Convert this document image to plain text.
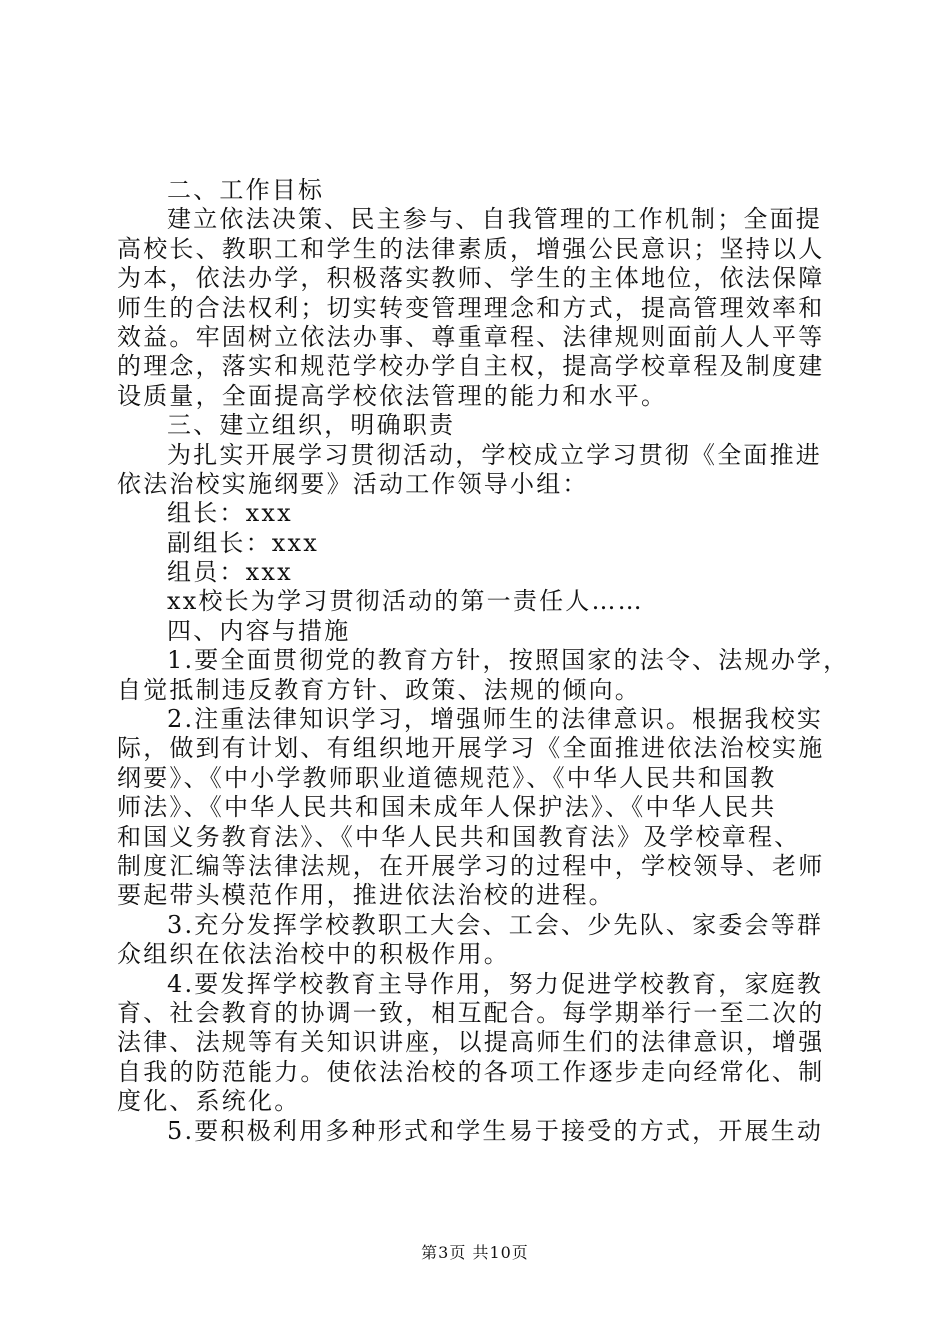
二、工作目标
建立依法决策、民主参与、自我管理的工作机制；全面提
高校长、教职工和学生的法律素质，增强公民意识；坚持以人
为本，依法办学，积极落实教师、学生的主体地位，依法保障
师生的合法权利；切实转变管理理念和方式，提高管理效率和
效益。牢固树立依法办事、尊重章程、法律规则面前人人平等
的理念，落实和规范学校办学自主权，提高学校章程及制度建
设质量，全面提高学校依法管理的能力和水平。
三、建立组织，明确职责
为扎实开展学习贯彻活动，学校成立学习贯彻《全面推进
依法治校实施纲要》活动工作领导小组：
组长：xxx
副组长：xxx
组员：xxx
xx校长为学习贯彻活动的第一责任人……
四、内容与措施
1.要全面贯彻党的教育方针，按照国家的法令、法规办学，
自觉抵制违反教育方针、政策、法规的倾向。
2.注重法律知识学习，增强师生的法律意识。根据我校实
际，做到有计划、有组织地开展学习《全面推进依法治校实施
纲要》、《中小学教师职业道德规范》、《中华人民共和国教
师法》、《中华人民共和国未成年人保护法》、《中华人民共
和国义务教育法》、《中华人民共和国教育法》及学校章程、
制度汇编等法律法规，在开展学习的过程中，学校领导、老师
要起带头模范作用，推进依法治校的进程。
3.充分发挥学校教职工大会、工会、少先队、家委会等群
众组织在依法治校中的积极作用。
4.要发挥学校教育主导作用，努力促进学校教育，家庭教
育、社会教育的协调一致，相互配合。每学期举行一至二次的
法律、法规等有关知识讲座，以提高师生们的法律意识，增强
自我的防范能力。使依法治校的各项工作逐步走向经常化、制
度化、系统化。
5.要积极利用多种形式和学生易于接受的方式，开展生动
第3页 共10页
